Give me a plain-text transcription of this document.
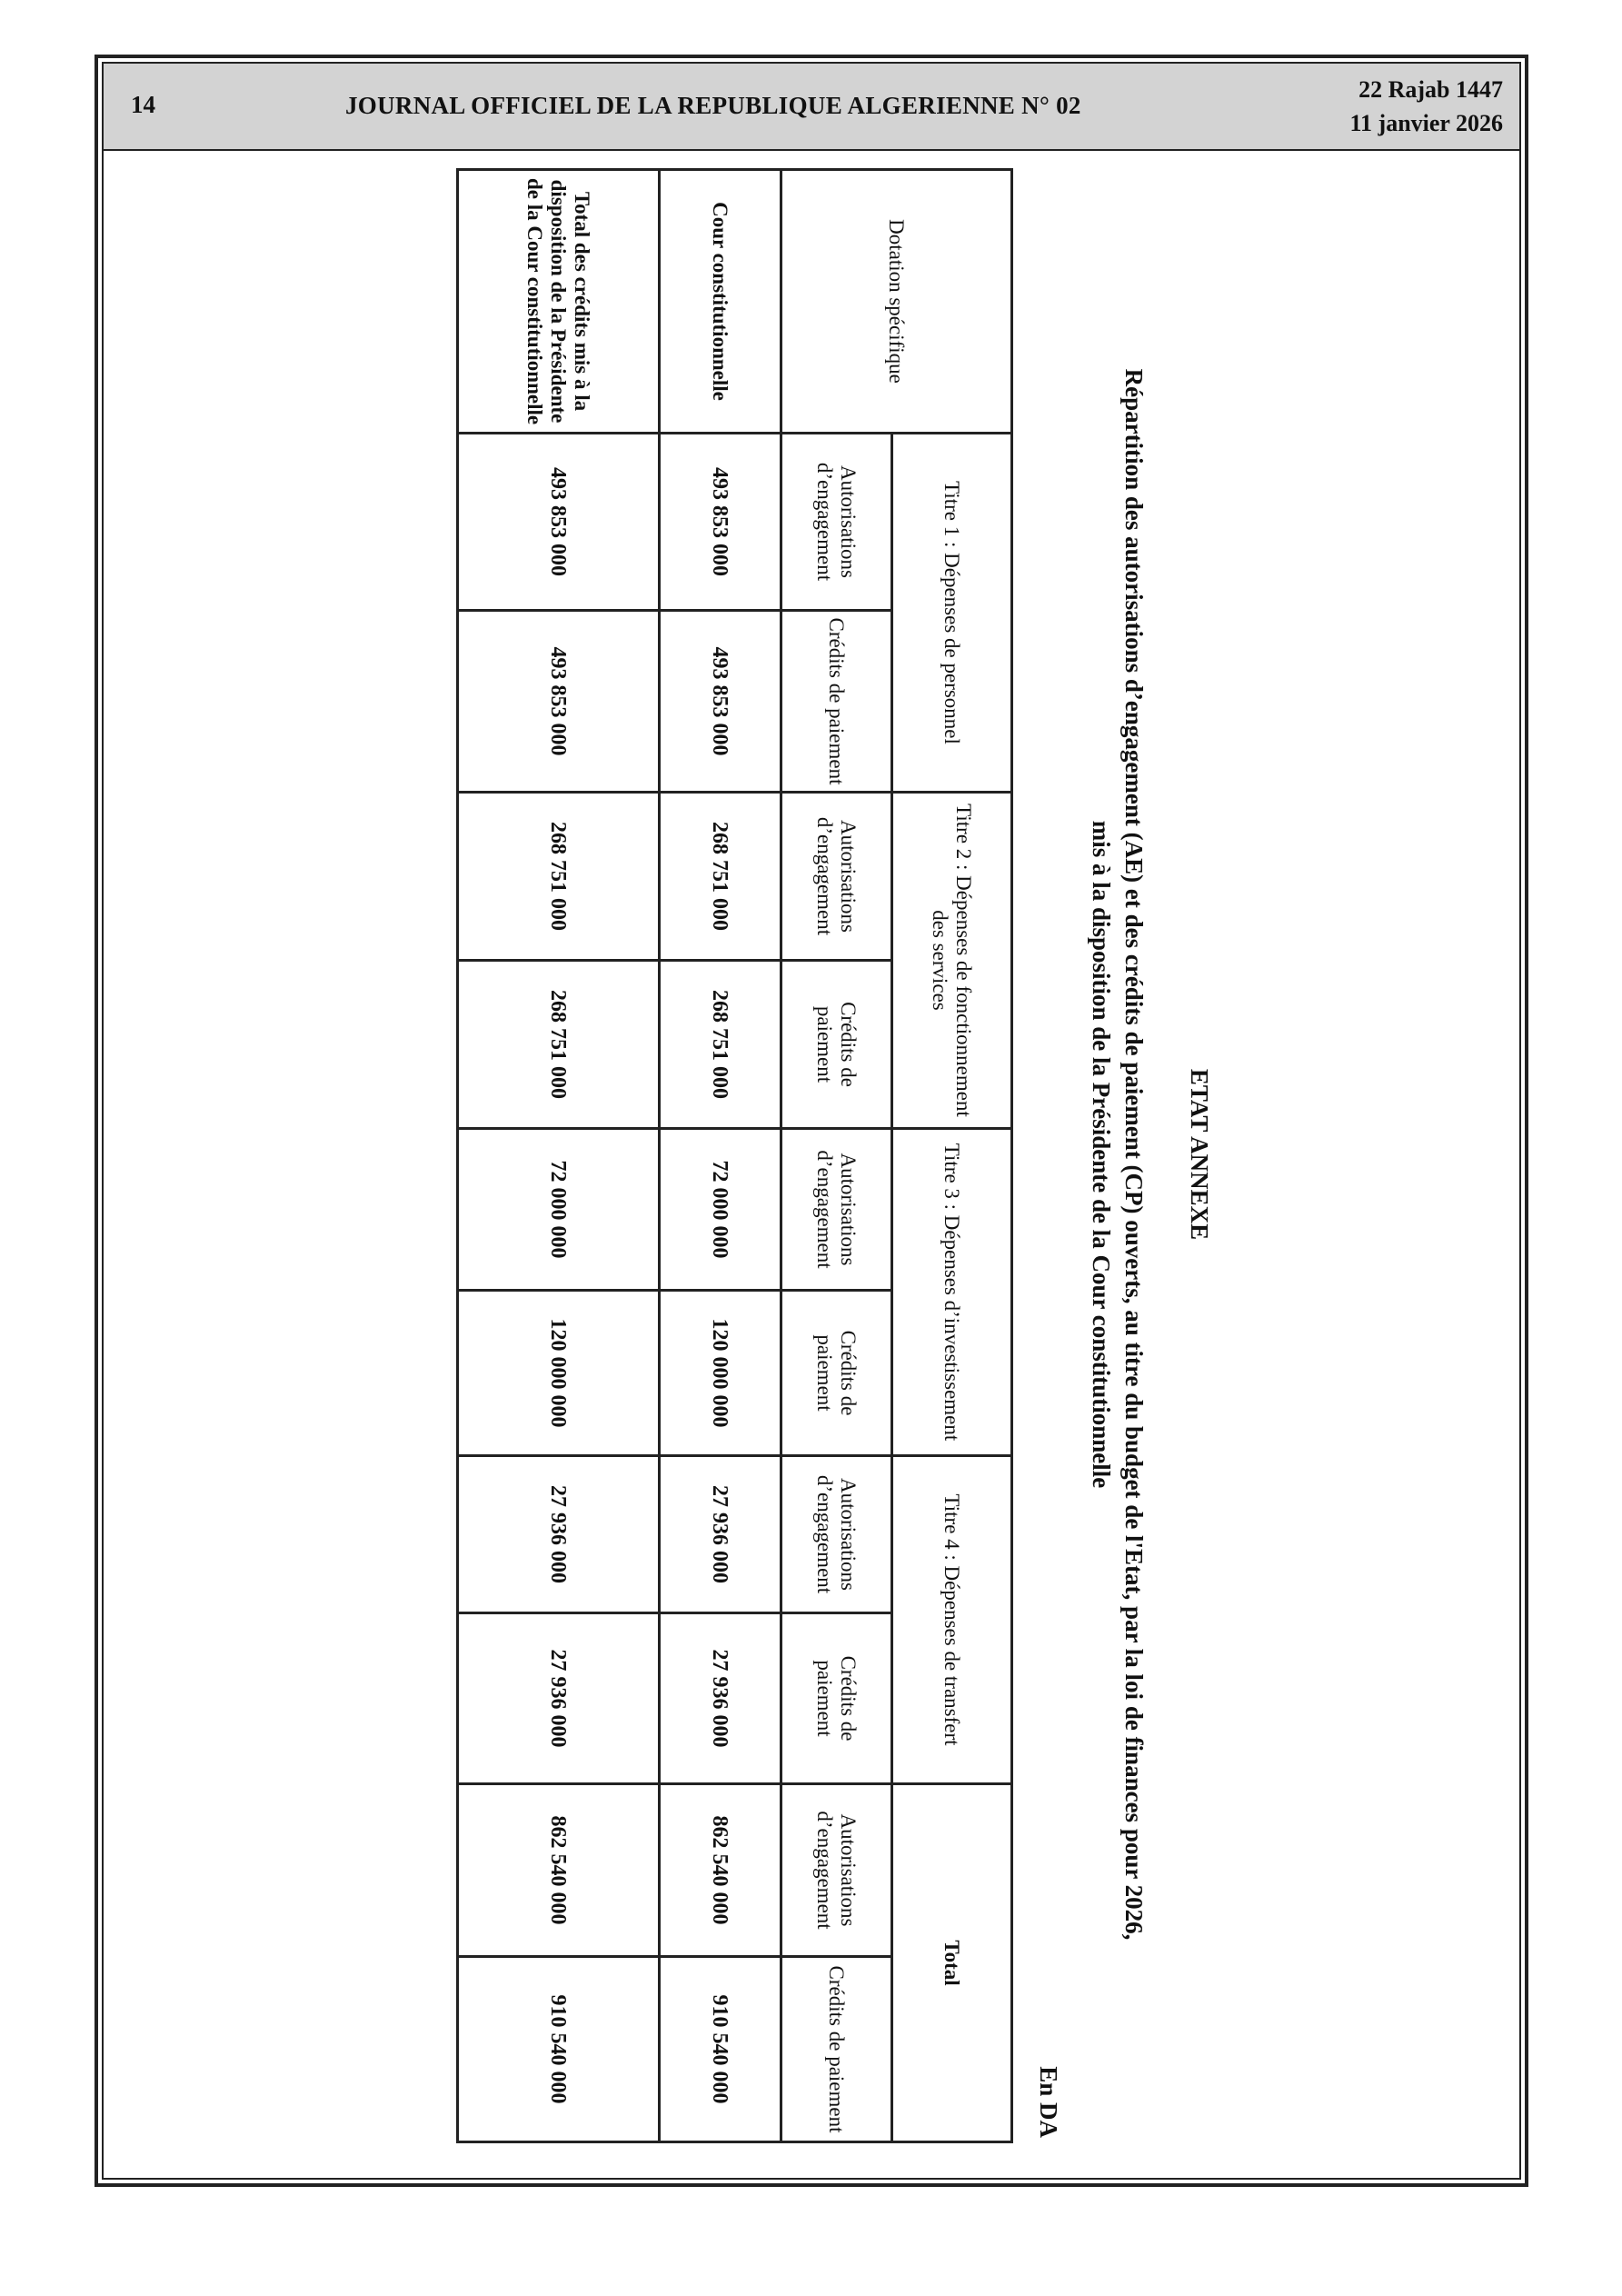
14	JOURNAL OFFICIEL DE LA REPUBLIQUE ALGERIENNE N° 02
22 Rajab 1447
11 janvier 2026
ETAT ANNEXE
Répartition des autorisations d’engagement (AE) et des crédits de paiement (CP) ouverts, au titre du budget de l'Etat, par la loi de finances pour 2026,
mis à la disposition de la Présidente de la Cour constitutionnelle
En DA
Dotation spécifique	Titre 1 : Dépenses de personnel		Titre 2 : Dépenses de fonctionnement des services		Titre 3 : Dépenses d’investissement		Titre 4 : Dépenses de transfert		Total	
	Autorisations d’engagement	Crédits de paiement	Autorisations d’engagement	Crédits de paiement	Autorisations d’engagement	Crédits de paiement	Autorisations d’engagement	Crédits de paiement	Autorisations d’engagement	Crédits de paiement
Cour constitutionnelle	493 853 000	493 853 000	268 751 000	268 751 000	72 000 000	120 000 000	27 936 000	27 936 000	862 540 000	910 540 000
Total des crédits mis à la disposition de la Présidente de la Cour constitutionnelle	493 853 000	493 853 000	268 751 000	268 751 000	72 000 000	120 000 000	27 936 000	27 936 000	862 540 000	910 540 000
